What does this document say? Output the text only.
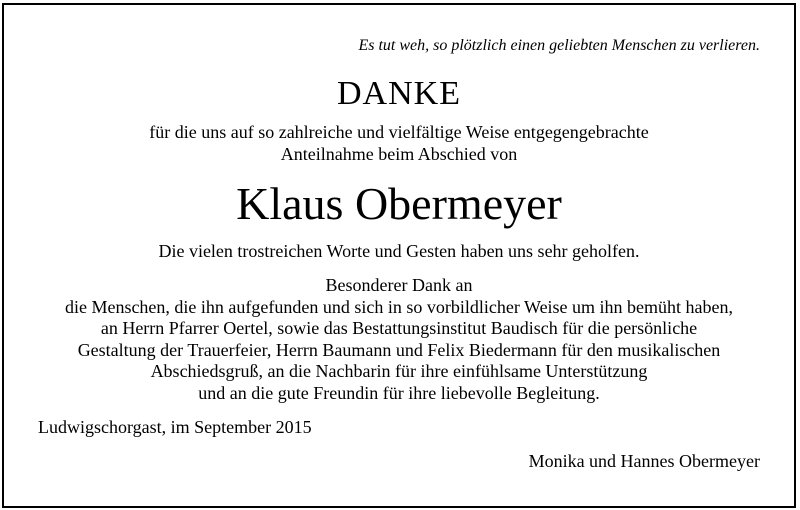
Es tut weh, so plötzlich einen geliebten Menschen zu verlieren.
DANKE
für die uns auf so zahlreiche und vielfältige Weise entgegengebrachte
Anteilnahme beim Abschied von
Klaus Obermeyer
Die vielen trostreichen Worte und Gesten haben uns sehr geholfen.
Besonderer Dank an
die Menschen, die ihn aufgefunden und sich in so vorbildlicher Weise um ihn bemüht haben,
an Herrn Pfarrer Oertel, sowie das Bestattungsinstitut Baudisch für die persönliche
Gestaltung der Trauerfeier, Herrn Baumann und Felix Biedermann für den musikalischen
Abschiedsgruß, an die Nachbarin für ihre einfühlsame Unterstützung
und an die gute Freundin für ihre liebevolle Begleitung.
Ludwigschorgast, im September 2015
Monika und Hannes Obermeyer
